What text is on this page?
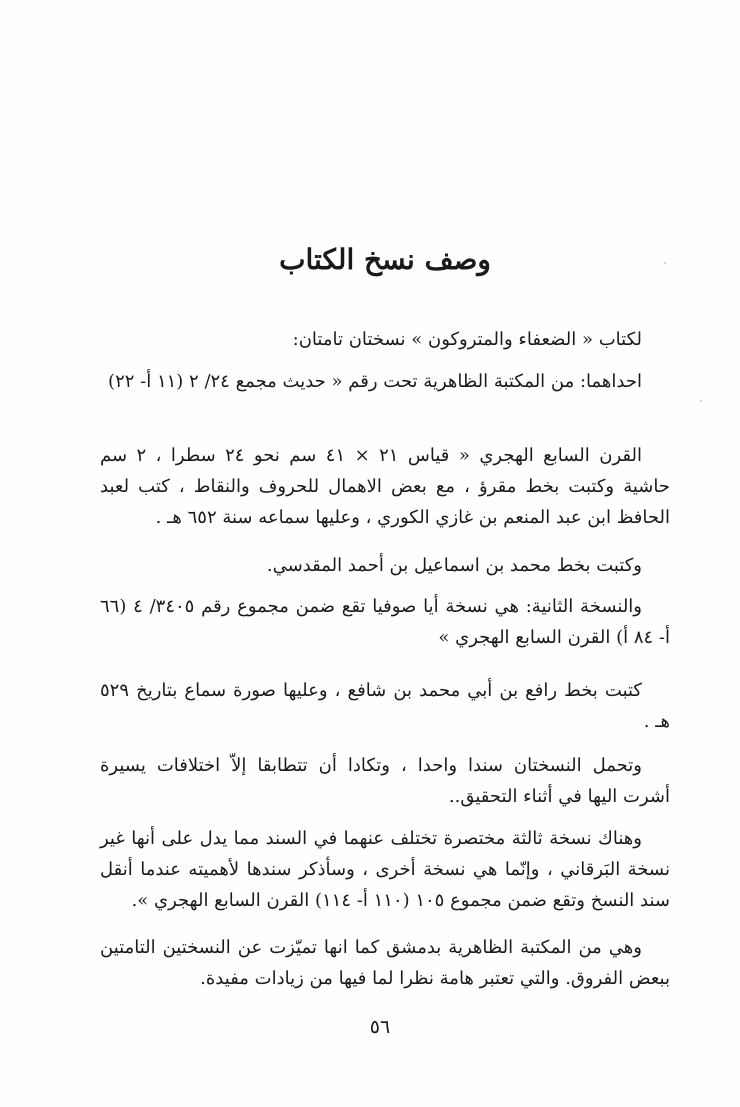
وصف نسخ الكتاب

لكتاب « الضعفاء والمتروكون » نسختان تامتان:

احداهما: من المكتبة الظاهرية تحت رقم « حديث مجمع ٢٤/ ٢ (١١ أ- ٢٢)

القرن السابع الهجري « قياس ٢١ × ٤١ سم نحو ٢٤ سطرا ، ٢ سم حاشية وكتبت بخط مقرؤ ، مع بعض الاهمال للحروف والنقاط ، كتب لعبد الحافظ ابن عبد المنعم بن غازي الكوري ، وعليها سماعه سنة ٦٥٢ هـ .

وكتبت بخط محمد بن اسماعيل بن أحمد المقدسي.

والنسخة الثانية: هي نسخة أيا صوفيا تقع ضمن مجموع رقم ٣٤٠٥/ ٤ (٦٦ أ- ٨٤ أ) القرن السابع الهجري »

كتبت بخط رافع بن أبي محمد بن شافع ، وعليها صورة سماع بتاريخ ٥٢٩ هـ .

وتحمل النسختان سندا واحدا ، وتكادا أن تتطابقا إلاّ اختلافات يسيرة أشرت اليها في أثناء التحقيق..

وهناك نسخة ثالثة مختصرة تختلف عنهما في السند مما يدل على أنها غير نسخة البَرقاني ، وإنّما هي نسخة أخرى ، وسأذكر سندها لأهميته عندما أنقل سند النسخ وتقع ضمن مجموع ١٠٥ (١١٠ أ- ١١٤) القرن السابع الهجري ».

وهي من المكتبة الظاهرية بدمشق كما انها تميّزت عن النسختين التامتين ببعض الفروق. والتي تعتبر هامة نظرا لما فيها من زيادات مفيدة.

٥٦
